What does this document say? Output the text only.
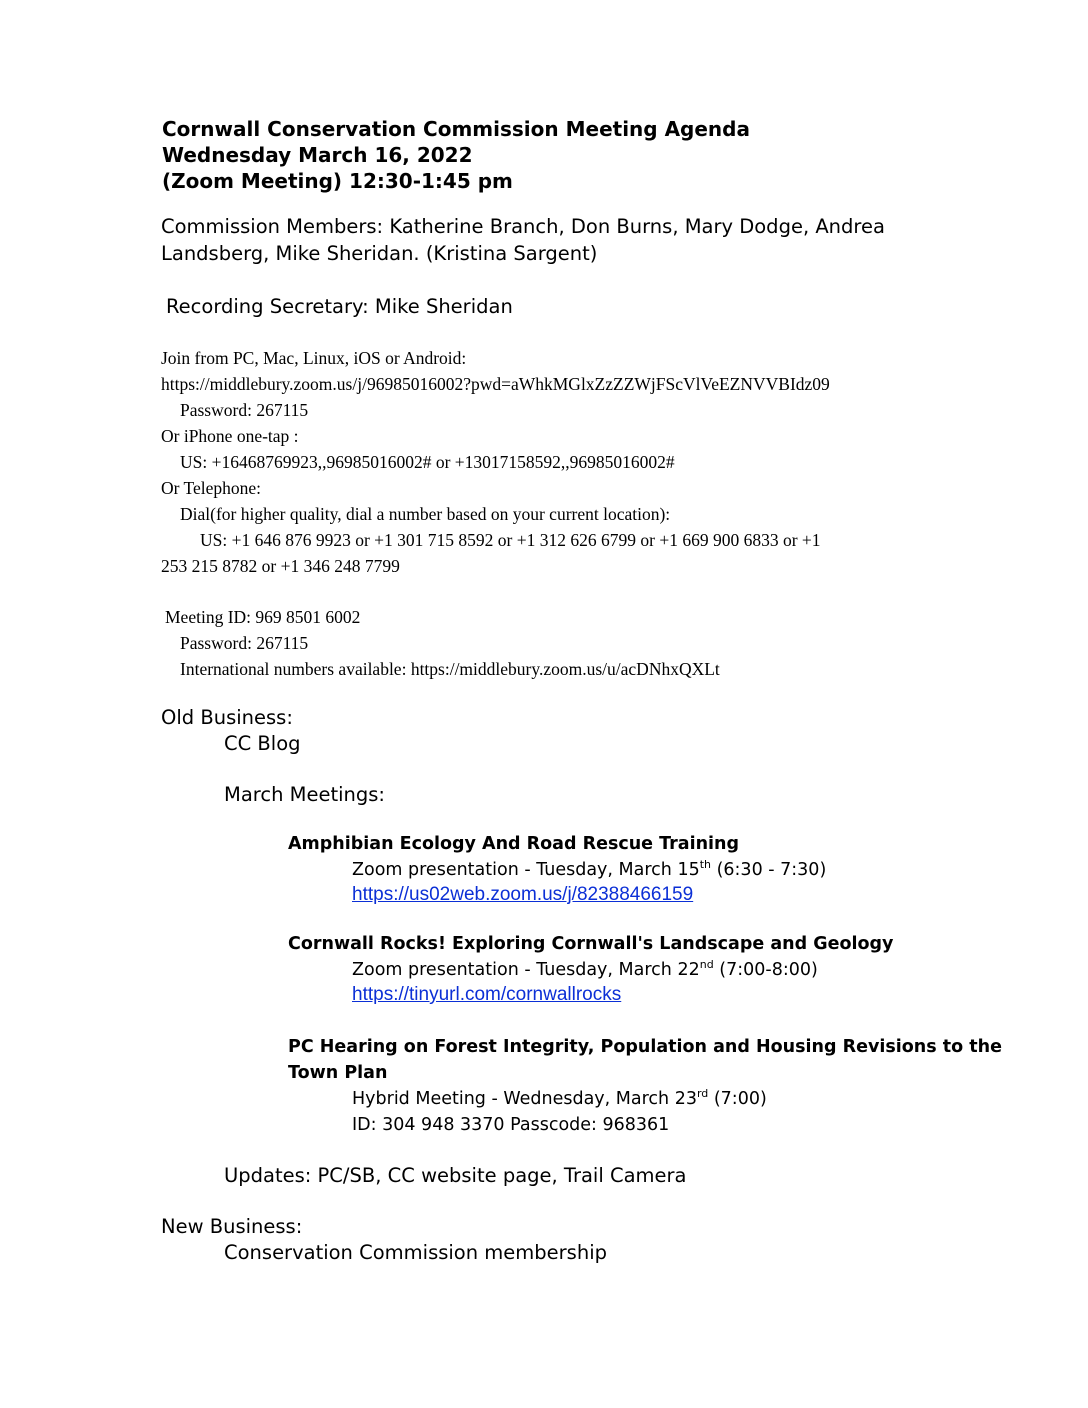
Cornwall Conservation Commission Meeting Agenda
Wednesday March 16, 2022
(Zoom Meeting) 12:30-1:45 pm
Commission Members: Katherine Branch, Don Burns, Mary Dodge, Andrea
Landsberg, Mike Sheridan. (Kristina Sargent)
Recording Secretary: Mike Sheridan
Join from PC, Mac, Linux, iOS or Android:
https://middlebury.zoom.us/j/96985016002?pwd=aWhkMGlxZzZZWjFScVlVeEZNVVBIdz09
Password: 267115
Or iPhone one-tap :
US: +16468769923,,96985016002# or +13017158592,,96985016002#
Or Telephone:
Dial(for higher quality, dial a number based on your current location):
US: +1 646 876 9923 or +1 301 715 8592 or +1 312 626 6799 or +1 669 900 6833 or +1
253 215 8782 or +1 346 248 7799
Meeting ID: 969 8501 6002
Password: 267115
International numbers available: https://middlebury.zoom.us/u/acDNhxQXLt
Old Business:
CC Blog
March Meetings:
Amphibian Ecology And Road Rescue Training
Zoom presentation - Tuesday, March 15th (6:30 - 7:30)
https://us02web.zoom.us/j/82388466159
Cornwall Rocks! Exploring Cornwall's Landscape and Geology
Zoom presentation - Tuesday, March 22nd (7:00-8:00)
https://tinyurl.com/cornwallrocks
PC Hearing on Forest Integrity, Population and Housing Revisions to the
Town Plan
Hybrid Meeting - Wednesday, March 23rd (7:00)
ID: 304 948 3370 Passcode: 968361
Updates: PC/SB, CC website page, Trail Camera
New Business:
Conservation Commission membership
